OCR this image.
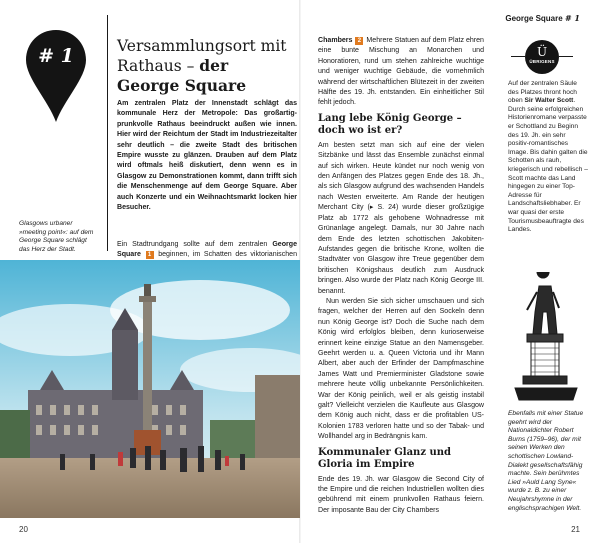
# 1	Versammlungsort mit
Rathaus – der George Square
Am zentralen Platz der Innenstadt schlägt das kommunale Herz der Metropole: Das großartig-prunkvolle Rathaus beeindruckt außen wie innen. Hier wird der Reichtum der Stadt im Industriezeitalter sehr deutlich – die zweite Stadt des britischen Empire wusste zu glänzen. Drauben auf dem Platz wird oftmals heiß diskutiert, denn wenn es in Glasgow zu Demonstrationen kommt, dann trifft sich die Menschenmenge auf dem George Square. Aber auch Konzerte und ein Weihnachtsmarkt locken hier Besucher.
Ein Stadtrundgang sollte auf dem zentralen George Square 1 beginnen, im Schatten des viktorianischen
Glasgows urbaner »meeting point«: auf dem George Square schlägt das Herz der Stadt.
20
George Square # 1

Chambers 2 Mehrere Statuen auf dem Platz ehren eine bunte Mischung an Monarchen und Honoratioren, rund um stehen zahlreiche wuchtige und weniger wuchtige Gebäude, die vornehmlich während der wirtschaftlichen Blütezeit in der zweiten Hälfte des 19. Jh. entstanden. Ein einheitlicher Stil fehlt jedoch.

Lang lebe König George – doch wo ist er?

Am besten setzt man sich auf eine der vielen Sitzbänke und lässt das Ensemble zunächst einmal auf sich wirken. Heute kündet nur noch wenig von den Anfängen des Platzes gegen Ende des 18. Jh., als sich Glasgow aufgrund des wachsenden Handels nach Westen erweiterte. Am Rande der heutigen Merchant City (▸ S. 24) wurde dieser großzügige Platz ab 1772 als gehobene Wohnadresse mit Grünanlage angelegt. Damals, nur 30 Jahre nach dem Ende des letzten schottischen Jakobiten-Aufstandes gegen die britische Krone, wollten die Stadtväter von Glasgow ihre Treue gegenüber dem britischen Königshaus deutlich zum Ausdruck bringen. Also wurde der Platz nach König George III. benannt.

Nun werden Sie sich sicher umschauen und sich fragen, welcher der Herren auf den Sockeln denn nun König George ist? Doch die Suche nach dem König wird erfolglos bleiben, denn kurioserweise erinnert keine einzige Statue an den Namensgeber. Geehrt werden u. a. Queen Victoria und ihr Mann Albert, aber auch der Erfinder der Dampfmaschine James Watt und Premierminister Gladstone sowie mehrere heute völlig unbekannte Persönlichkeiten. War der König peinlich, weil er als geistig instabil galt? Vielleicht verzielen die Kaufleute aus Glasgow dem König auch nicht, dass er die profitablen US-Kolonien 1783 verloren hatte und so der Tabak- und Wollhandel arg in Bedrängnis kam.

Kommunaler Glanz und Gloria im Empire

Ende des 19. Jh. war Glasgow die Second City of the Empire und die reichen Industriellen wollten dies gebührend mit einem prunkvollen Rathaus feiern. Der imposante Bau der City Chambers

Ü
ÜBRIGENS
Auf der zentralen Säule des Platzes thront hoch oben Sir Walter Scott. Durch seine erfolgreichen Historienromane verpasste er Schottland zu Beginn des 19. Jh. ein sehr positiv-romantisches Image. Bis dahin galten die Schotten als rauh, kriegerisch und rebellisch – Scott machte das Land hingegen zu einer Top-Adresse für Landschaftsliebhaber. Er war quasi der erste Tourismusbeauftragte des Landes.
Ebenfalls mit einer Statue geehrt wird der Nationaldichter Robert Burns (1759–96), der mit seinen Werken den schottischen Lowland-Dialekt gesellschaftsfähig machte. Sein berühmtes Lied »Auld Lang Syne« wurde z. B. zu einer Neujahrshymne in der englischsprachigen Welt.
21
